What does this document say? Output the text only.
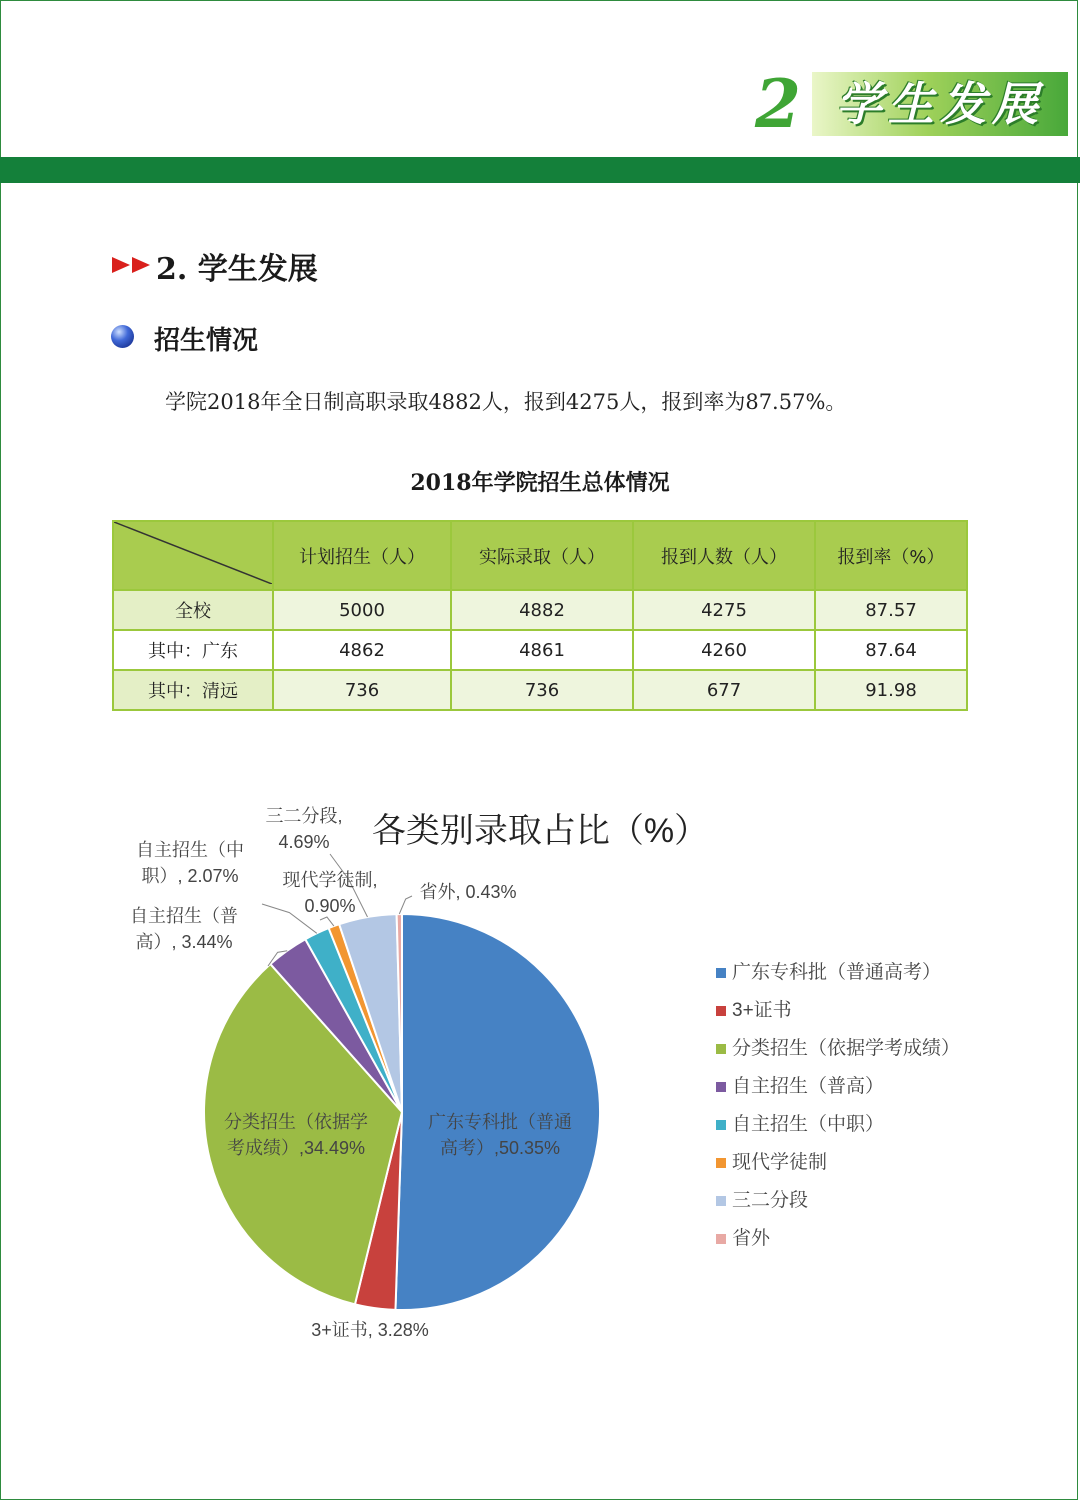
2 学生发展
2. 学生发展
招生情况
学院2018年全日制高职录取4882人，报到4275人，报到率为87.57%。
2018年学院招生总体情况
	计划招生（人）	实际录取（人）	报到人数（人）	报到率（%）
全校	5000	4882	4275	87.57
其中：广东	4862	4861	4260	87.64
其中：清远	736	736	677	91.98
各类别录取占比（%）
广东专科批（普通高考）,50.35%
3+证书, 3.28%
分类招生（依据学考成绩）,34.49%
自主招生（普高）, 3.44%
自主招生（中职）, 2.07%	现代学徒制, 0.90%
三二分段, 4.69%
省外, 0.43%
广东专科批（普通高考）
3+证书
分类招生（依据学考成绩）
自主招生（普高）
自主招生（中职）
现代学徒制
三二分段
省外
